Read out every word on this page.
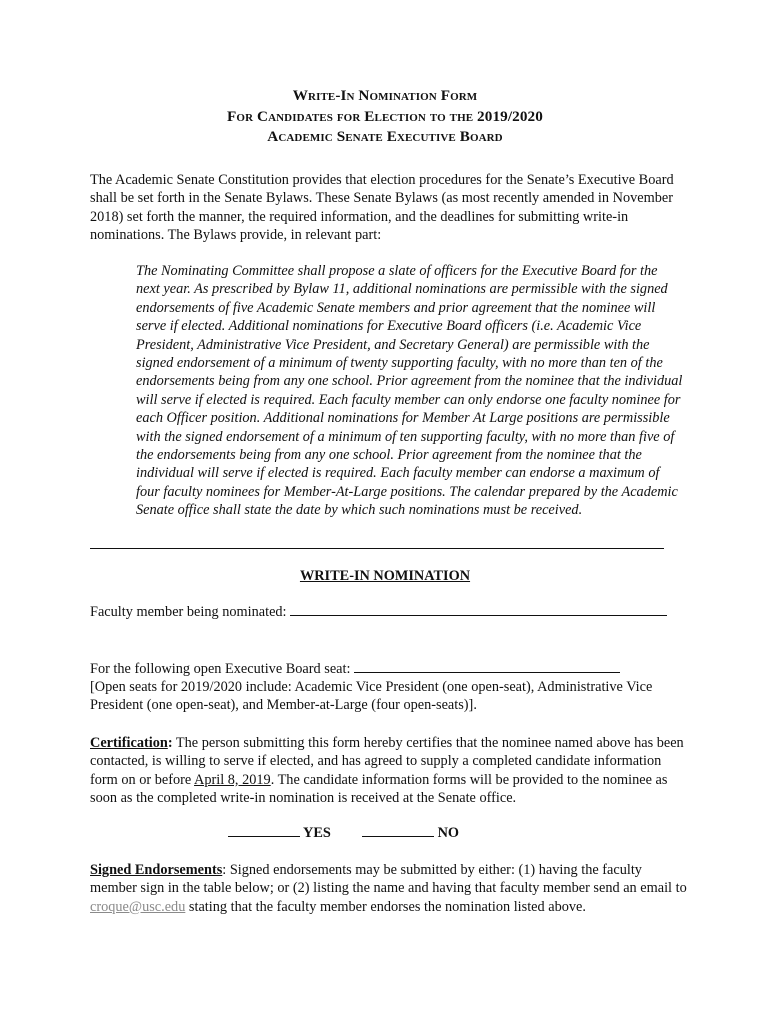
Write-In Nomination Form
For Candidates for Election to the 2019/2020
Academic Senate Executive Board
The Academic Senate Constitution provides that election procedures for the Senate’s Executive Board shall be set forth in the Senate Bylaws. These Senate Bylaws (as most recently amended in November 2018) set forth the manner, the required information, and the deadlines for submitting write-in nominations. The Bylaws provide, in relevant part:
The Nominating Committee shall propose a slate of officers for the Executive Board for the next year. As prescribed by Bylaw 11, additional nominations are permissible with the signed endorsements of five Academic Senate members and prior agreement that the nominee will serve if elected. Additional nominations for Executive Board officers (i.e. Academic Vice President, Administrative Vice President, and Secretary General) are permissible with the signed endorsement of a minimum of twenty supporting faculty, with no more than ten of the endorsements being from any one school. Prior agreement from the nominee that the individual will serve if elected is required. Each faculty member can only endorse one faculty nominee for each Officer position. Additional nominations for Member At Large positions are permissible with the signed endorsement of a minimum of ten supporting faculty, with no more than five of the endorsements being from any one school. Prior agreement from the nominee that the individual will serve if elected is required. Each faculty member can endorse a maximum of four faculty nominees for Member-At-Large positions. The calendar prepared by the Academic Senate office shall state the date by which such nominations must be received.
WRITE-IN NOMINATION
Faculty member being nominated:
For the following open Executive Board seat:
[Open seats for 2019/2020 include: Academic Vice President (one open-seat), Administrative Vice President (one open-seat), and Member-at-Large (four open-seats)].
Certification: The person submitting this form hereby certifies that the nominee named above has been contacted, is willing to serve if elected, and has agreed to supply a completed candidate information form on or before April 8, 2019. The candidate information forms will be provided to the nominee as soon as the completed write-in nomination is received at the Senate office.
YES	NO
Signed Endorsements: Signed endorsements may be submitted by either: (1) having the faculty member sign in the table below; or (2) listing the name and having that faculty member send an email to croque@usc.edu stating that the faculty member endorses the nomination listed above.
